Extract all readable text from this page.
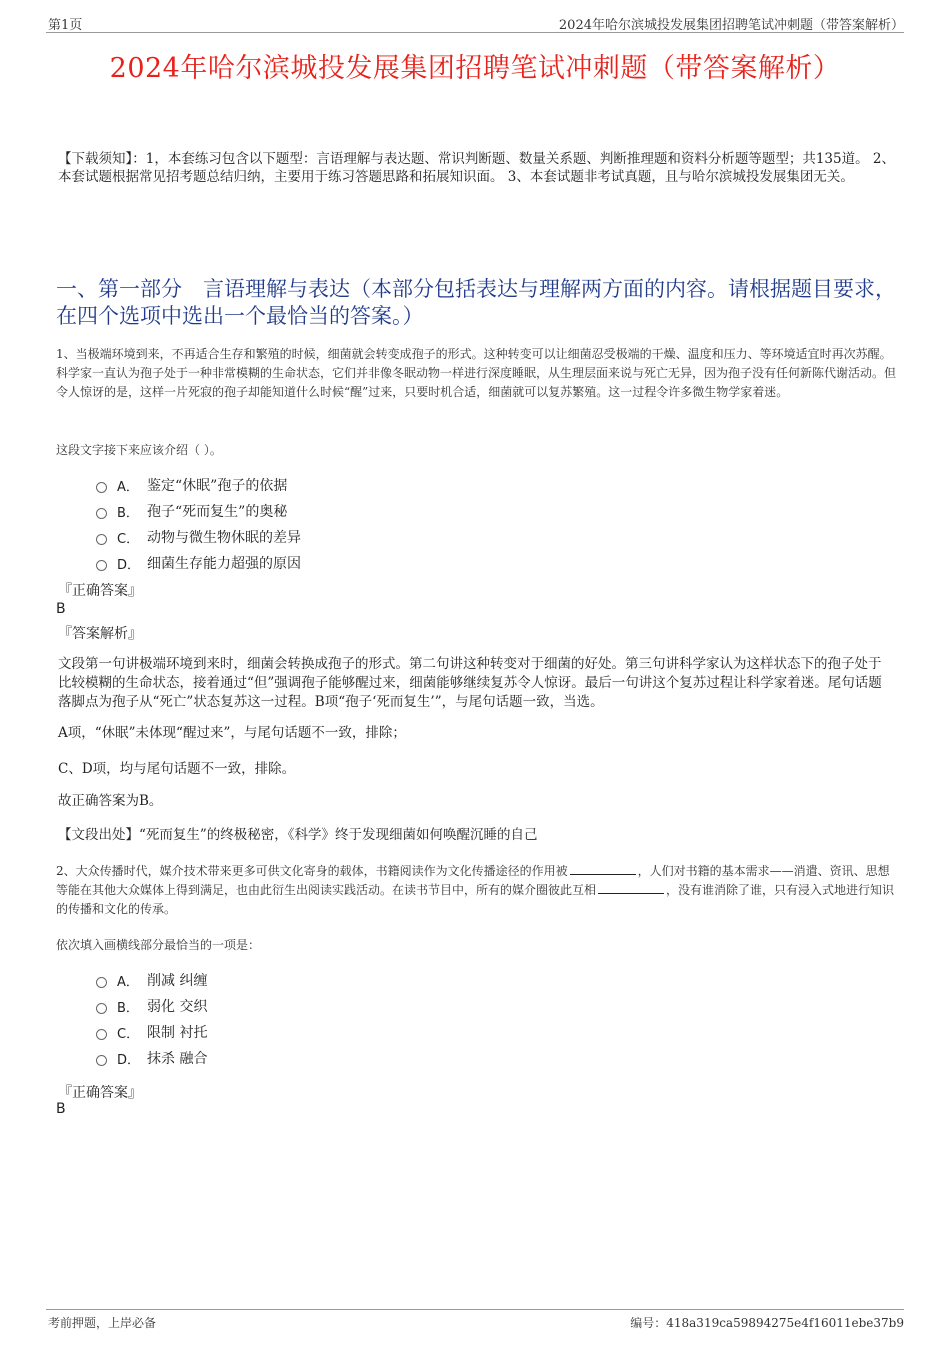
第1页	2024年哈尔滨城投发展集团招聘笔试冲刺题（带答案解析）
2024年哈尔滨城投发展集团招聘笔试冲刺题（带答案解析）
【下载须知】：1，本套练习包含以下题型：言语理解与表达题、常识判断题、数量关系题、判断推理题和资料分析题等题型；共135道。 2、本套试题根据常见招考题总结归纳，主要用于练习答题思路和拓展知识面。 3、本套试题非考试真题，且与哈尔滨城投发展集团无关。
一、第一部分　言语理解与表达（本部分包括表达与理解两方面的内容。请根据题目要求，在四个选项中选出一个最恰当的答案。）
1、当极端环境到来，不再适合生存和繁殖的时候，细菌就会转变成孢子的形式。这种转变可以让细菌忍受极端的干燥、温度和压力、等环境适宜时再次苏醒。科学家一直认为孢子处于一种非常模糊的生命状态，它们并非像冬眠动物一样进行深度睡眠，从生理层面来说与死亡无异，因为孢子没有任何新陈代谢活动。但令人惊讶的是，这样一片死寂的孢子却能知道什么时候“醒”过来，只要时机合适，细菌就可以复苏繁殖。这一过程令许多微生物学家着迷。
这段文字接下来应该介绍（ ）。
A． 鉴定“休眠”孢子的依据
B． 孢子“死而复生”的奥秘
C． 动物与微生物休眠的差异
D． 细菌生存能力超强的原因
『正确答案』
B
『答案解析』
文段第一句讲极端环境到来时，细菌会转换成孢子的形式。第二句讲这种转变对于细菌的好处。第三句讲科学家认为这样状态下的孢子处于比较模糊的生命状态，接着通过“但”强调孢子能够醒过来，细菌能够继续复苏令人惊讶。最后一句讲这个复苏过程让科学家着迷。尾句话题落脚点为孢子从“死亡”状态复苏这一过程。B项“孢子‘死而复生’”，与尾句话题一致，当选。
A项，“休眠”未体现“醒过来”，与尾句话题不一致，排除；
C、D项，均与尾句话题不一致，排除。
故正确答案为B。
【文段出处】“死而复生”的终极秘密，《科学》终于发现细菌如何唤醒沉睡的自己
2、大众传播时代，媒介技术带来更多可供文化寄身的载体，书籍阅读作为文化传播途径的作用被	，人们对书籍的基本需求——消遣、资讯、思想等能在其他大众媒体上得到满足，也由此衍生出阅读实践活动。在读书节目中，所有的媒介圈彼此互相	，没有谁消除了谁，只有浸入式地进行知识的传播和文化的传承。
依次填入画横线部分最恰当的一项是：
A． 削减 纠缠
B． 弱化 交织
C． 限制 衬托
D． 抹杀 融合
『正确答案』
B
考前押题，上岸必备	编号：418a319ca59894275e4f16011ebe37b9
